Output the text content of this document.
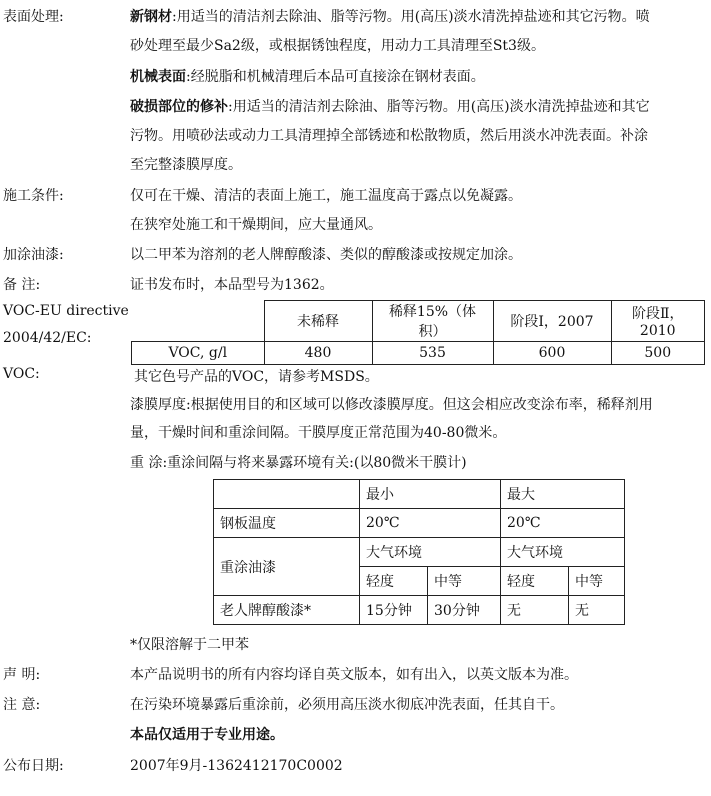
表面处理:	新钢材:用适当的清洁剂去除油、脂等污物。用(高压)淡水清洗掉盐迹和其它污物。喷
砂处理至最少Sa2级，或根据锈蚀程度，用动力工具清理至St3级。
机械表面:经脱脂和机械清理后本品可直接涂在钢材表面。
破损部位的修补:用适当的清洁剂去除油、脂等污物。用(高压)淡水清洗掉盐迹和其它
污物。用喷砂法或动力工具清理掉全部锈迹和松散物质，然后用淡水冲洗表面。补涂
至完整漆膜厚度。
施工条件:	仅可在干燥、清洁的表面上施工，施工温度高于露点以免凝露。
在狭窄处施工和干燥期间，应大量通风。
加涂油漆:	以二甲苯为溶剂的老人牌醇酸漆、类似的醇酸漆或按规定加涂。
备 注:	证书发布时，本品型号为1362。
VOC-EU directive
2004/42/EC:
	未稀释	稀释15%（体积）	阶段Ⅰ，2007	阶段Ⅱ，2010
VOC, g/l	480	535	600	500
VOC:	其它色号产品的VOC，请参考MSDS。
漆膜厚度:根据使用目的和区域可以修改漆膜厚度。但这会相应改变涂布率，稀释剂用
量，干燥时间和重涂间隔。干膜厚度正常范围为40-80微米。
重 涂:重涂间隔与将来暴露环境有关:(以80微米干膜计)
	最小		最大	
钢板温度	20℃		20℃	
重涂油漆	大气环境		大气环境	
	轻度	中等	轻度	中等
老人牌醇酸漆*	15分钟	30分钟	无	无
*仅限溶解于二甲苯
声 明:	本产品说明书的所有内容均译自英文版本，如有出入，以英文版本为准。
注 意:	在污染环境暴露后重涂前，必须用高压淡水彻底冲洗表面，任其自干。
本品仅适用于专业用途。
公布日期:	2007年9月-1362412170C0002
